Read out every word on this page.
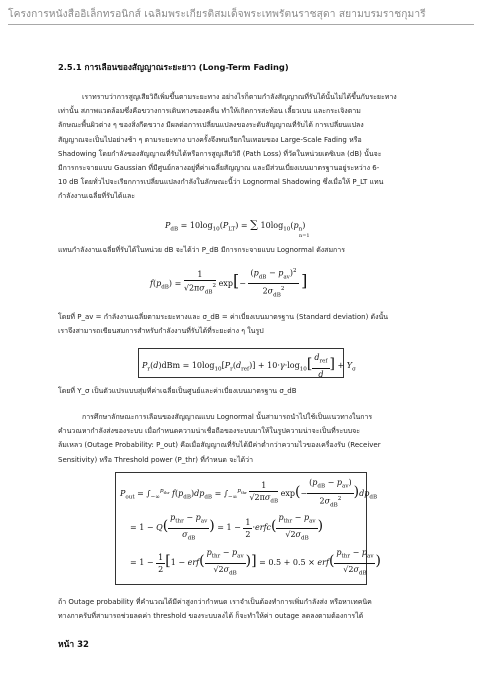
โครงการหนังสืออิเล็กทรอนิกส์ เฉลิมพระเกียรติสมเด็จพระเทพรัตนราชสุดา สยามบรมราชกุมารี
2.5.1 การเลือนของสัญญาณระยะยาว (Long-Term Fading)
เราทราบว่าการสูญเสียวิถีเพิ่มขึ้นตามระยะทาง อย่างไรก็ตามกำลังสัญญาณที่รับได้นั้นไม่ได้ขึ้นกับระยะทาง
เท่านั้น สภาพแวดล้อมซึ่งคือขวางการเดินทางของคลื่น ทำให้เกิดการสะท้อน เลี้ยวเบน และกระเจิงตาม
ลักษณะพื้นผิวต่าง ๆ ของสิ่งกีดขวาง มีผลต่อการเปลี่ยนแปลงของระดับสัญญาณที่รับได้ การเปลี่ยนแปลง
สัญญาณจะเป็นไปอย่างช้า ๆ ตามระยะทาง บางครั้งจึงพบเรียกในเทอมของ Large-Scale Fading หรือ
Shadowing โดยกำลังของสัญญาณที่รับได้หรือการสูญเสียวิถี (Path Loss) ที่วัดในหน่วยเดซิเบล (dB) นั้นจะ
มีการกระจายแบบ Gaussian ที่มีศูนย์กลางอยู่ที่ค่าเฉลี่ยสัญญาณ และมีส่วนเบี่ยงเบนมาตรฐานอยู่ระหว่าง 6-
10 dB โดยทั่วไปจะเรียกการเปลี่ยนแปลงกำลังในลักษณะนี้ว่า Lognormal Shadowing ซึ่งเมื่อให้ P_LT แทน
กำลังงานเฉลี่ยที่รับได้และ
$P_{dB} = 10\log_{10}(P_{LT})$ = ∑ $10\log_{10}(p_n)$
n=1
แทนกำลังงานเฉลี่ยที่รับได้ในหน่วย dB จะได้ว่า P_dB มีการกระจายแบบ Lognormal ดังสมการ
$f(p_{dB}) = \frac{1}{√2\pi\sigma_{dB}^2} \exp[- \frac{(p_{dB} - p_{av})^2}{2\sigma_{dB}^2}$ ]
โดยที่ P_av = กำลังงานเฉลี่ยตามระยะทางและ σ_dB = ค่าเบี่ยงเบนมาตรฐาน (Standard deviation) ดังนั้น
เราจึงสามารถเขียนสมการสำหรับกำลังงานที่รับได้ที่ระยะต่าง ๆ ในรูป
$P_r(d)dBm = 10\log_{10}[P_r(d_{ref})] + 10\cdot\gamma\cdot\log_{10}[ \frac{d_{ref}}{d}$ ] + $Y_\sigma$
โดยที่ Y_σ เป็นตัวแปรแบบสุ่มที่ค่าเฉลี่ยเป็นศูนย์และค่าเบี่ยงเบนมาตรฐาน σ_dB
การศึกษาลักษณะการเลือนของสัญญาณแบบ Lognormal นั้นสามารถนำไปใช้เป็นแนวทางในการ
คำนวณหากำลังส่งของระบบ เมื่อกำหนดความน่าเชื่อถือของระบบมาให้ในรูปความน่าจะเป็นที่ระบบจะ
ล้มเหลว (Outage Probability: P_out) คือเมื่อสัญญาณที่รับได้มีค่าต่ำกว่าความไวของเครื่องรับ (Receiver
Sensitivity) หรือ Threshold power (P_thr) ที่กำหนด จะได้ว่า
$P_{out} = \int_{-\infty}^{p_{thr}}$ $f(p_{dB})dp_{dB} = \int_{-\infty}^{p_{thr}} \frac{1}{√2\pi\sigma_{dB}} \exp(- \frac{(p_{dB} - p_{av})}{2\sigma_{dB}^2} )dp_{dB}$
= $1 - Q( \frac{p_{thr} - p_{av}}{\sigma_{dB}}$ ) = $1 - \frac{1}{2}$ ·erfc( $\frac{p_{thr} - p_{av}}{√2\sigma_{dB}}$ )
= $1 - \frac{1}{2} [1 - erf( \frac{p_{thr} - p_{av}}{√2\sigma_{dB}}$ )] = $0.5 + 0.5 \times erf( \frac{p_{thr} - p_{av}}{√2\sigma_{dB}}$ )
ถ้า Outage probability ที่คำนวณได้มีค่าสูงกว่ากำหนด เราจำเป็นต้องทำการเพิ่มกำลังส่ง หรือหาเทคนิค
ทางภาครับที่สามารถช่วยลดค่า threshold ของระบบลงได้ ก็จะทำให้ค่า outage ลดลงตามต้องการได้
หน้า 32
